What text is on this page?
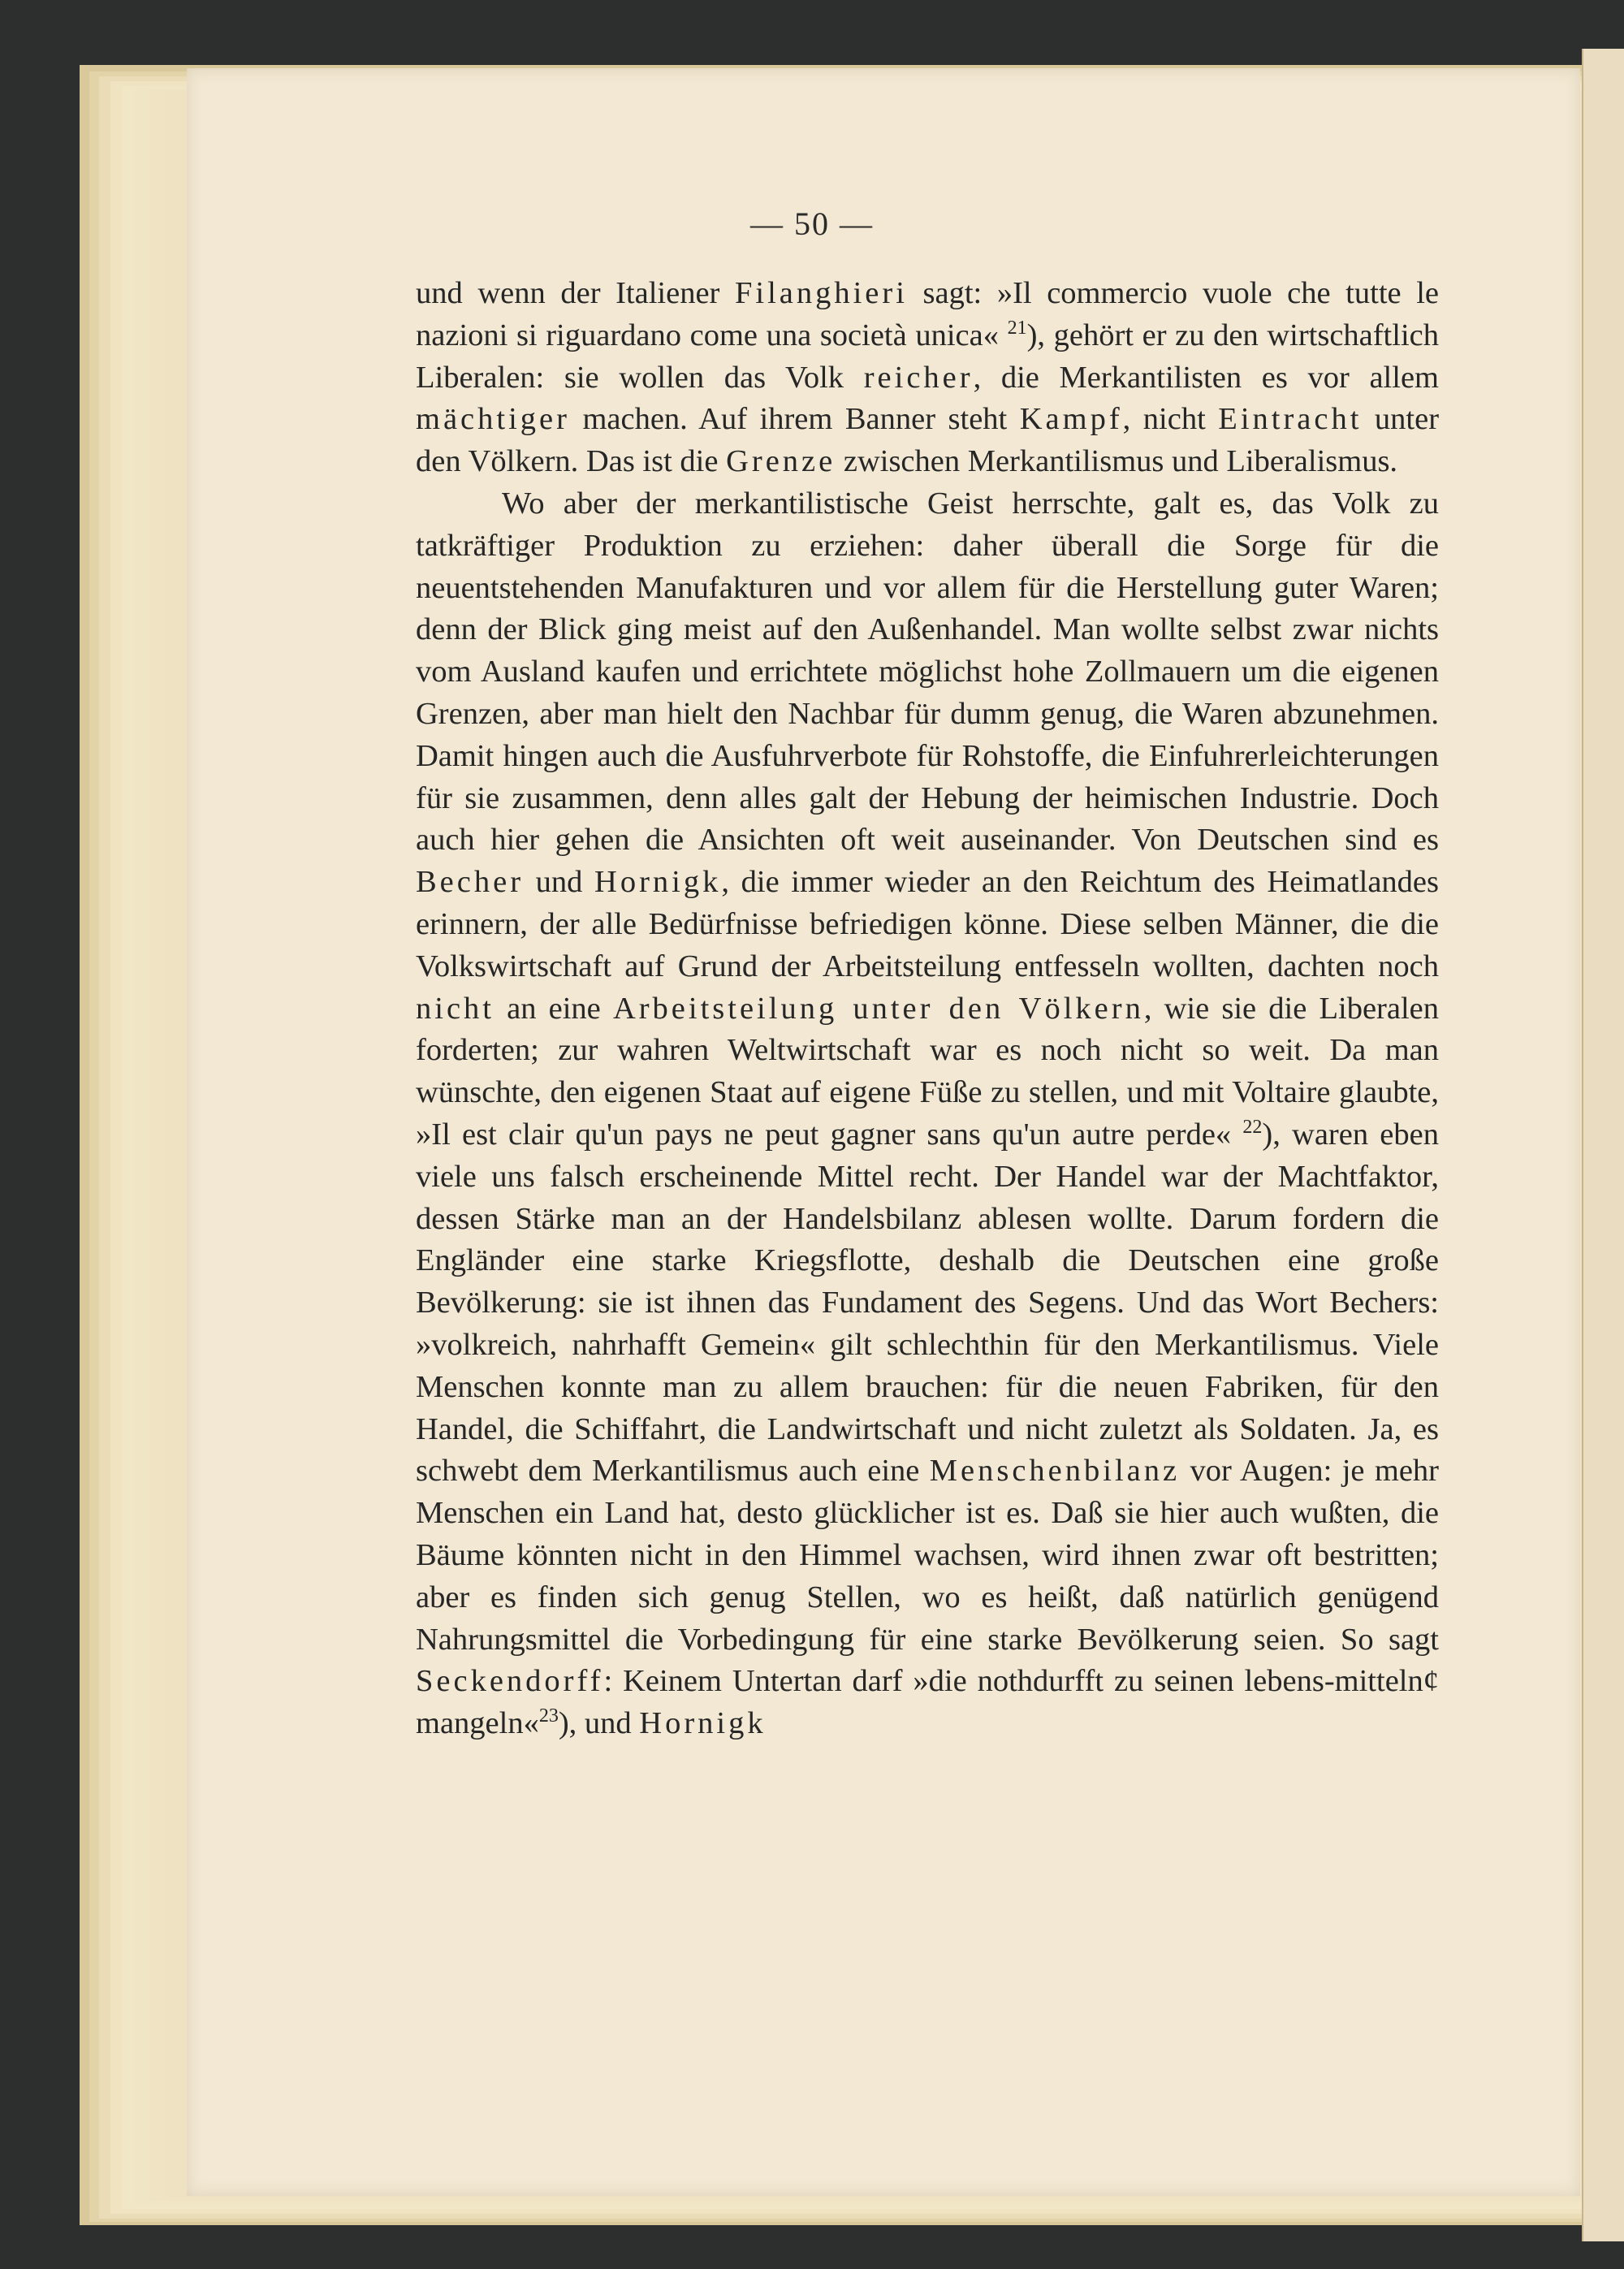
— 50 —

und wenn der Italiener Filanghieri sagt: »Il commercio vuole che tutte le nazioni si riguardano come una società unica« $^{21}$), gehört er zu den wirtschaftlich Liberalen: sie wollen das Volk reicher, die Merkantilisten es vor allem mächtiger machen. Auf ihrem Banner steht Kampf, nicht Eintracht unter den Völkern. Das ist die Grenze zwischen Merkantilismus und Liberalismus.

Wo aber der merkantilistische Geist herrschte, galt es, das Volk zu tatkräftiger Produktion zu erziehen: daher überall die Sorge für die neuentstehenden Manufakturen und vor allem für die Herstellung guter Waren; denn der Blick ging meist auf den Außenhandel. Man wollte selbst zwar nichts vom Ausland kaufen und errichtete möglichst hohe Zollmauern um die eigenen Grenzen, aber man hielt den Nachbar für dumm genug, die Waren abzunehmen. Damit hingen auch die Ausfuhrverbote für Rohstoffe, die Einfuhrerleichterungen für sie zusammen, denn alles galt der Hebung der heimischen Industrie. Doch auch hier gehen die Ansichten oft weit auseinander. Von Deutschen sind es Becher und Hornigk, die immer wieder an den Reichtum des Heimatlandes erinnern, der alle Bedürfnisse befriedigen könne. Diese selben Männer, die die Volkswirtschaft auf Grund der Arbeitsteilung entfesseln wollten, dachten noch nicht an eine Arbeitsteilung unter den Völkern, wie sie die Liberalen forderten; zur wahren Weltwirtschaft war es noch nicht so weit. Da man wünschte, den eigenen Staat auf eigene Füße zu stellen, und mit Voltaire glaubte, »Il est clair qu'un pays ne peut gagner sans qu'un autre perde« $^{22}$), waren eben viele uns falsch erscheinende Mittel recht. Der Handel war der Machtfaktor, dessen Stärke man an der Handelsbilanz ablesen wollte. Darum fordern die Engländer eine starke Kriegsflotte, deshalb die Deutschen eine große Bevölkerung: sie ist ihnen das Fundament des Segens. Und das Wort Bechers: »volkreich, nahrhafft Gemein« gilt schlechthin für den Merkantilismus. Viele Menschen konnte man zu allem brauchen: für die neuen Fabriken, für den Handel, die Schiffahrt, die Landwirtschaft und nicht zuletzt als Soldaten. Ja, es schwebt dem Merkantilismus auch eine Menschenbilanz vor Augen: je mehr Menschen ein Land hat, desto glücklicher ist es. Daß sie hier auch wußten, die Bäume könnten nicht in den Himmel wachsen, wird ihnen zwar oft bestritten; aber es finden sich genug Stellen, wo es heißt, daß natürlich genügend Nahrungsmittel die Vorbedingung für eine starke Bevölkerung seien. So sagt Seckendorff: Keinem Untertan darf »die nothdurfft zu seinen lebens-mitteln¢ mangeln«$^{23}$), und Hornigk
